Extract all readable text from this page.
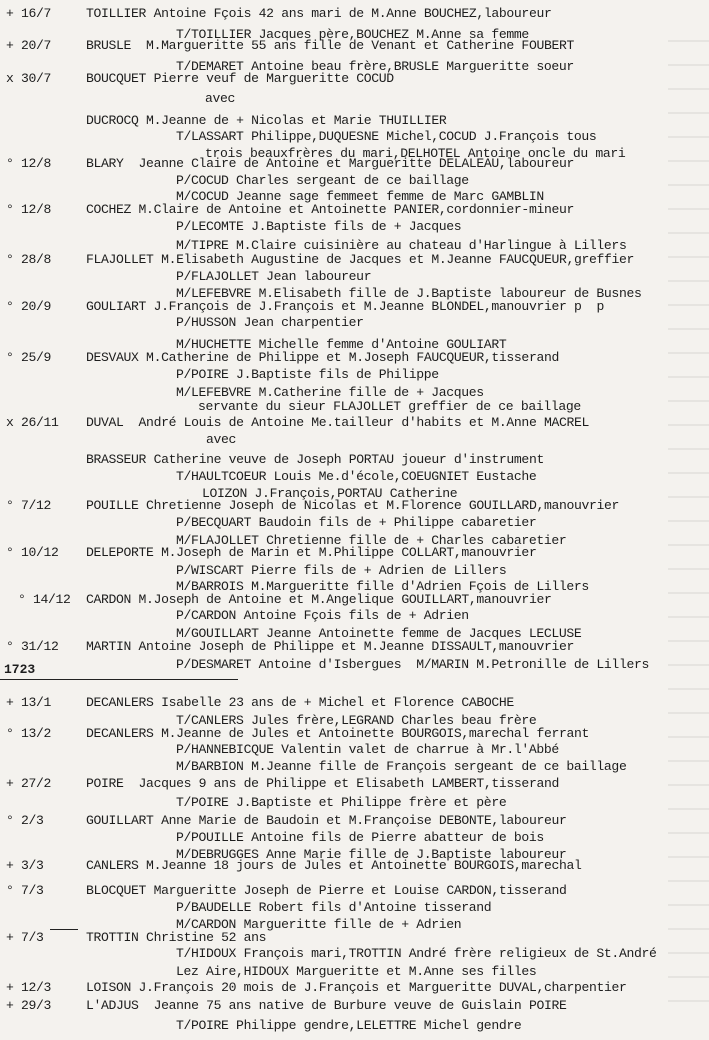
1723
+ 16/7	TOILLIER Antoine Fçois 42 ans mari de M.Anne BOUCHEZ,laboureur
T/TOILLIER Jacques père,BOUCHEZ M.Anne sa femme
+ 20/7	BRUSLE  M.Margueritte 55 ans fille de Venant et Catherine FOUBERT
T/DEMARET Antoine beau frère,BRUSLE Margueritte soeur
x 30/7	BOUCQUET Pierre veuf de Margueritte COCUD
avec
DUCROCQ M.Jeanne de + Nicolas et Marie THUILLIER
T/LASSART Philippe,DUQUESNE Michel,COCUD J.François tous
trois beauxfrères du mari,DELHOTEL Antoine oncle du mari
° 12/8	BLARY  Jeanne Claire de Antoine et Margueritte DELALEAU,laboureur
P/COCUD Charles sergeant de ce baillage
M/COCUD Jeanne sage femmeet femme de Marc GAMBLIN
° 12/8	COCHEZ M.Claire de Antoine et Antoinette PANIER,cordonnier-mineur
P/LECOMTE J.Baptiste fils de + Jacques
M/TIPRE M.Claire cuisinière au chateau d'Harlingue à Lillers
° 28/8	FLAJOLLET M.Elisabeth Augustine de Jacques et M.Jeanne FAUCQUEUR,greffier
P/FLAJOLLET Jean laboureur
M/LEFEBVRE M.Elisabeth fille de J.Baptiste laboureur de Busnes
° 20/9	GOULIART J.François de J.François et M.Jeanne BLONDEL,manouvrier p  p
P/HUSSON Jean charpentier
M/HUCHETTE Michelle femme d'Antoine GOULIART
° 25/9	DESVAUX M.Catherine de Philippe et M.Joseph FAUCQUEUR,tisserand
P/POIRE J.Baptiste fils de Philippe
M/LEFEBVRE M.Catherine fille de + Jacques
servante du sieur FLAJOLLET greffier de ce baillage
x 26/11	DUVAL  André Louis de Antoine Me.tailleur d'habits et M.Anne MACREL
avec
BRASSEUR Catherine veuve de Joseph PORTAU joueur d'instrument
T/HAULTCOEUR Louis Me.d'école,COEUGNIET Eustache
LOIZON J.François,PORTAU Catherine
° 7/12	POUILLE Chretienne Joseph de Nicolas et M.Florence GOUILLARD,manouvrier
P/BECQUART Baudoin fils de + Philippe cabaretier
M/FLAJOLLET Chretienne fille de + Charles cabaretier
° 10/12	DELEPORTE M.Joseph de Marin et M.Philippe COLLART,manouvrier
P/WISCART Pierre fils de + Adrien de Lillers
M/BARROIS M.Margueritte fille d'Adrien Fçois de Lillers
° 14/12	CARDON M.Joseph de Antoine et M.Angelique GOUILLART,manouvrier
P/CARDON Antoine Fçois fils de + Adrien
M/GOUILLART Jeanne Antoinette femme de Jacques LECLUSE
° 31/12	MARTIN Antoine Joseph de Philippe et M.Jeanne DISSAULT,manouvrier
P/DESMARET Antoine d'Isbergues  M/MARIN M.Petronille de Lillers
+ 13/1	DECANLERS Isabelle 23 ans de + Michel et Florence CABOCHE
T/CANLERS Jules frère,LEGRAND Charles beau frère
° 13/2	DECANLERS M.Jeanne de Jules et Antoinette BOURGOIS,marechal ferrant
P/HANNEBICQUE Valentin valet de charrue à Mr.l'Abbé
M/BARBION M.Jeanne fille de François sergeant de ce baillage
+ 27/2	POIRE  Jacques 9 ans de Philippe et Elisabeth LAMBERT,tisserand
T/POIRE J.Baptiste et Philippe frère et père
° 2/3	GOUILLART Anne Marie de Baudoin et M.Françoise DEBONTE,laboureur
P/POUILLE Antoine fils de Pierre abatteur de bois
M/DEBRUGGES Anne Marie fille de J.Baptiste laboureur
+ 3/3	CANLERS M.Jeanne 18 jours de Jules et Antoinette BOURGOIS,marechal
° 7/3	BLOCQUET Margueritte Joseph de Pierre et Louise CARDON,tisserand
P/BAUDELLE Robert fils d'Antoine tisserand
M/CARDON Margueritte fille de + Adrien
+ 7/3	TROTTIN Christine 52 ans
T/HIDOUX François mari,TROTTIN André frère religieux de St.André
Lez Aire,HIDOUX Margueritte et M.Anne ses filles
+ 12/3	LOISON J.François 20 mois de J.François et Margueritte DUVAL,charpentier
+ 29/3	L'ADJUS  Jeanne 75 ans native de Burbure veuve de Guislain POIRE
T/POIRE Philippe gendre,LELETTRE Michel gendre
